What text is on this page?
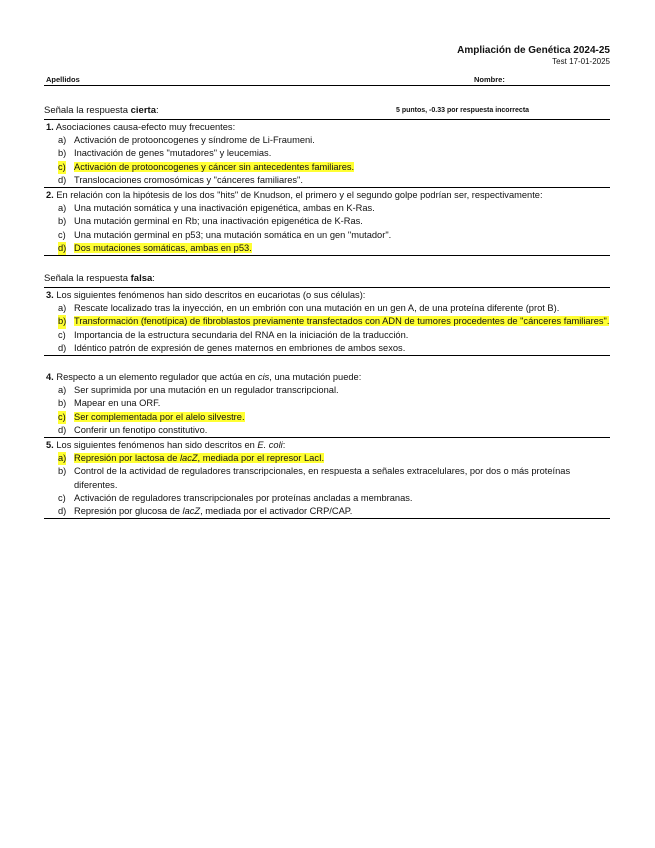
Ampliación de Genética 2024-25
Test 17-01-2025
Apellidos	Nombre:
Señala la respuesta cierta:	5 puntos, -0.33 por respuesta incorrecta
1. Asociaciones causa-efecto muy frecuentes:
a) Activación de protooncogenes y síndrome de Li-Fraumeni.
b) Inactivación de genes "mutadores" y leucemias.
c) Activación de protooncogenes y cáncer sin antecedentes familiares.
d) Translocaciones cromosómicas y "cánceres familiares".
2. En relación con la hipótesis de los dos "hits" de Knudson, el primero y el segundo golpe podrían ser, respectivamente:
a) Una mutación somática y una inactivación epigenética, ambas en K-Ras.
b) Una mutación germinal en Rb; una inactivación epigenética de K-Ras.
c) Una mutación germinal en p53; una mutación somática en un gen "mutador".
d) Dos mutaciones somáticas, ambas en p53.
Señala la respuesta falsa:
3. Los siguientes fenómenos han sido descritos en eucariotas (o sus células):
a) Rescate localizado tras la inyección, en un embrión con una mutación en un gen A, de una proteína diferente (prot B).
b) Transformación (fenotípica) de fibroblastos previamente transfectados con ADN de tumores procedentes de "cánceres familiares".
c) Importancia de la estructura secundaria del RNA en la iniciación de la traducción.
d) Idéntico patrón de expresión de genes maternos en embriones de ambos sexos.
4. Respecto a un elemento regulador que actúa en cis, una mutación puede:
a) Ser suprimida por una mutación en un regulador transcripcional.
b) Mapear en una ORF.
c) Ser complementada por el alelo silvestre.
d) Conferir un fenotipo constitutivo.
5. Los siguientes fenómenos han sido descritos en E. coli:
a) Represión por lactosa de lacZ, mediada por el represor LacI.
b) Control de la actividad de reguladores transcripcionales, en respuesta a señales extracelulares, por dos o más proteínas diferentes.
c) Activación de reguladores transcripcionales por proteínas ancladas a membranas.
d) Represión por glucosa de lacZ, mediada por el activador CRP/CAP.
